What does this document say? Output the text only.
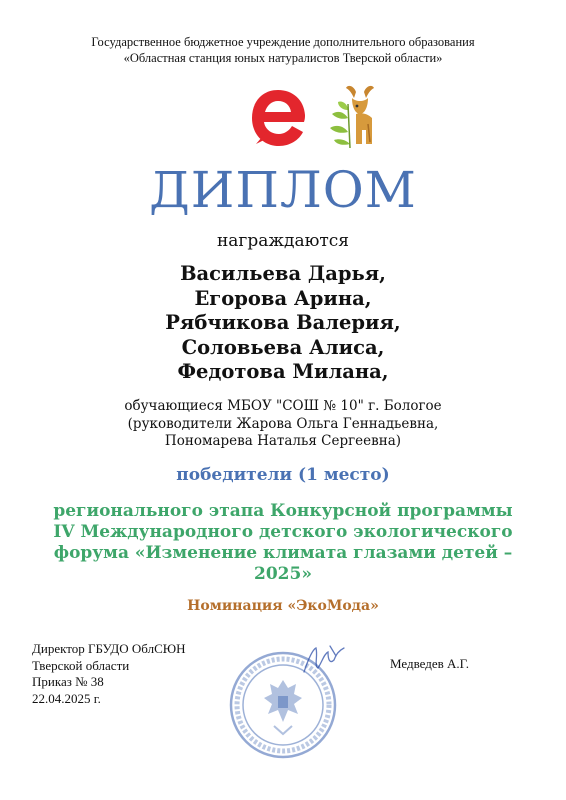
Государственное бюджетное учреждение дополнительного образования
«Областная станция юных натуралистов Тверской области»
ДИПЛОМ
награждаются
Васильева Дарья,
Егорова Арина,
Рябчикова Валерия,
Соловьева Алиса,
Федотова Милана,
обучающиеся МБОУ "СОШ № 10" г. Бологое
(руководители Жарова Ольга Геннадьевна,
Пономарева Наталья Сергеевна)
победители (1 место)
регионального этапа Конкурсной программы
IV Международного детского экологического
форума «Изменение климата глазами детей –
2025»
Номинация «ЭкоМода»
Директор ГБУДО ОблСЮН
Тверской области
Приказ № 38
22.04.2025 г.
Медведев А.Г.
